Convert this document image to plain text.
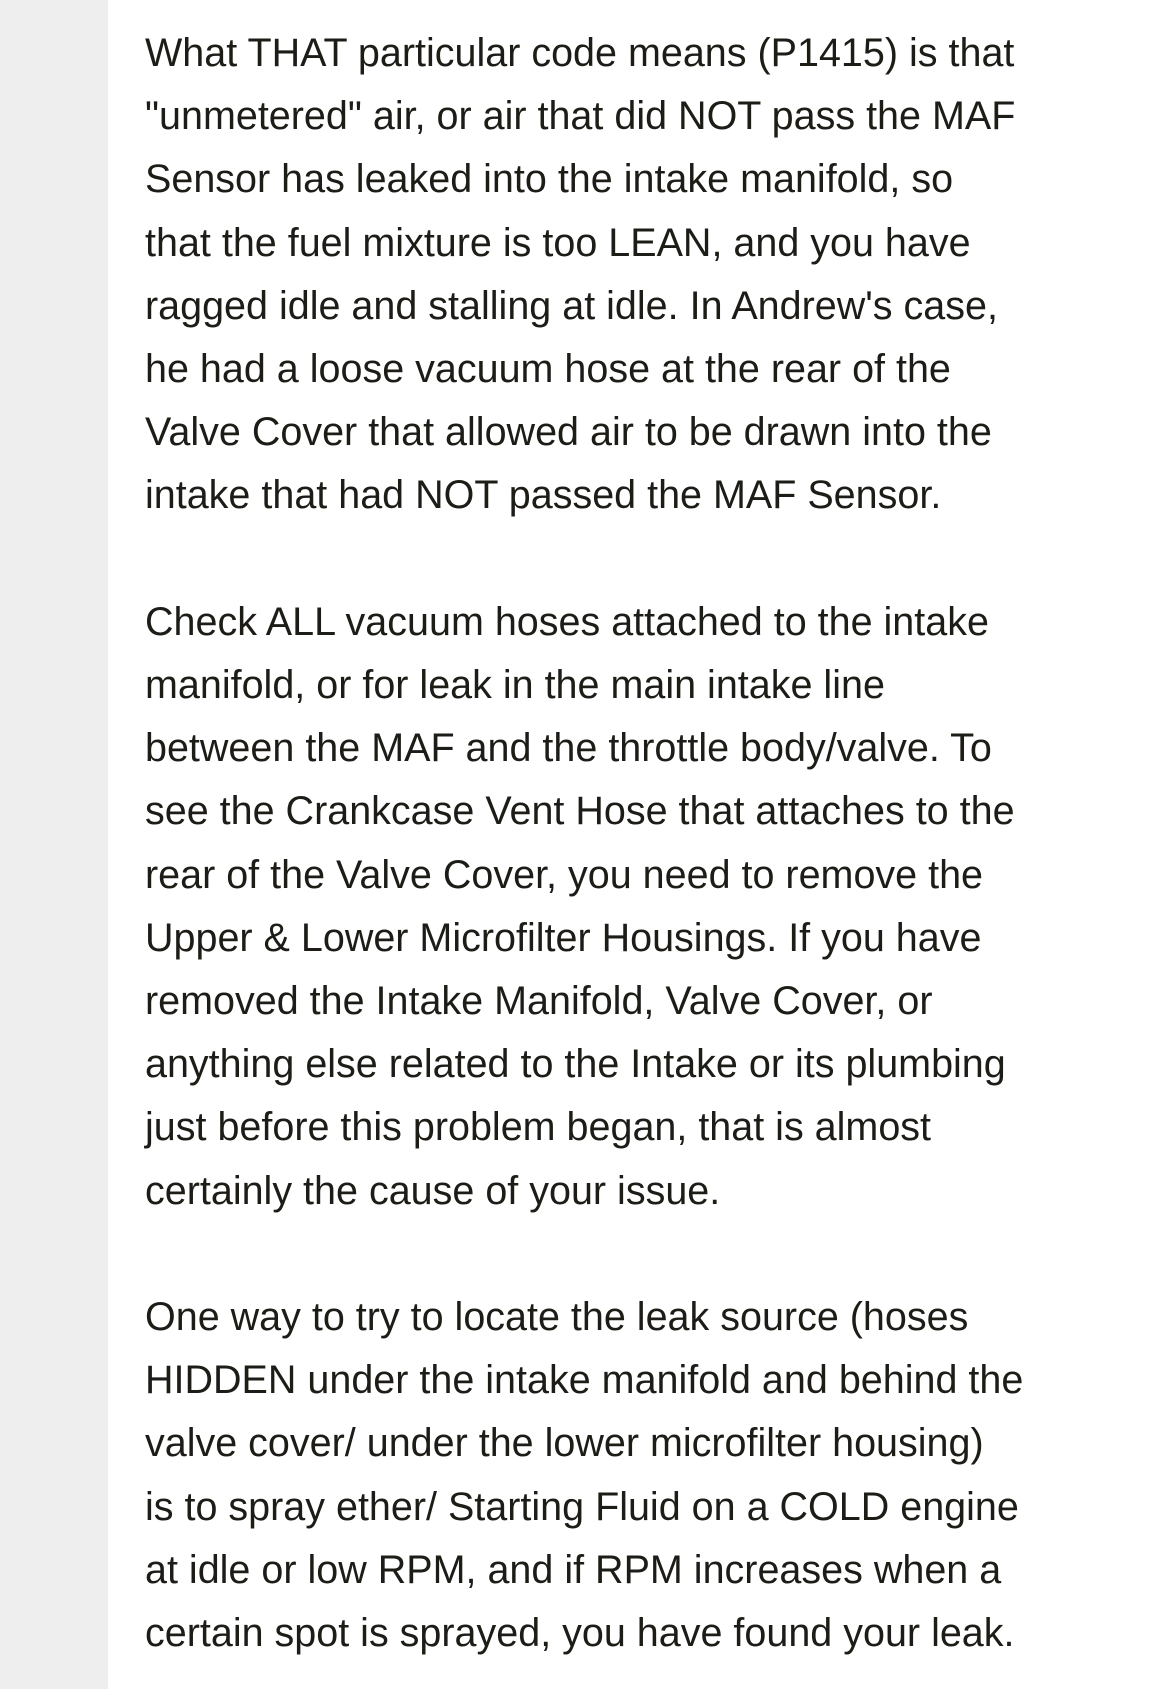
What THAT particular code means (P1415) is that
"unmetered" air, or air that did NOT pass the MAF
Sensor has leaked into the intake manifold, so
that the fuel mixture is too LEAN, and you have
ragged idle and stalling at idle. In Andrew's case,
he had a loose vacuum hose at the rear of the
Valve Cover that allowed air to be drawn into the
intake that had NOT passed the MAF Sensor.

Check ALL vacuum hoses attached to the intake
manifold, or for leak in the main intake line
between the MAF and the throttle body/valve. To
see the Crankcase Vent Hose that attaches to the
rear of the Valve Cover, you need to remove the
Upper & Lower Microfilter Housings. If you have
removed the Intake Manifold, Valve Cover, or
anything else related to the Intake or its plumbing
just before this problem began, that is almost
certainly the cause of your issue.

One way to try to locate the leak source (hoses
HIDDEN under the intake manifold and behind the
valve cover/ under the lower microfilter housing)
is to spray ether/ Starting Fluid on a COLD engine
at idle or low RPM, and if RPM increases when a
certain spot is sprayed, you have found your leak.
